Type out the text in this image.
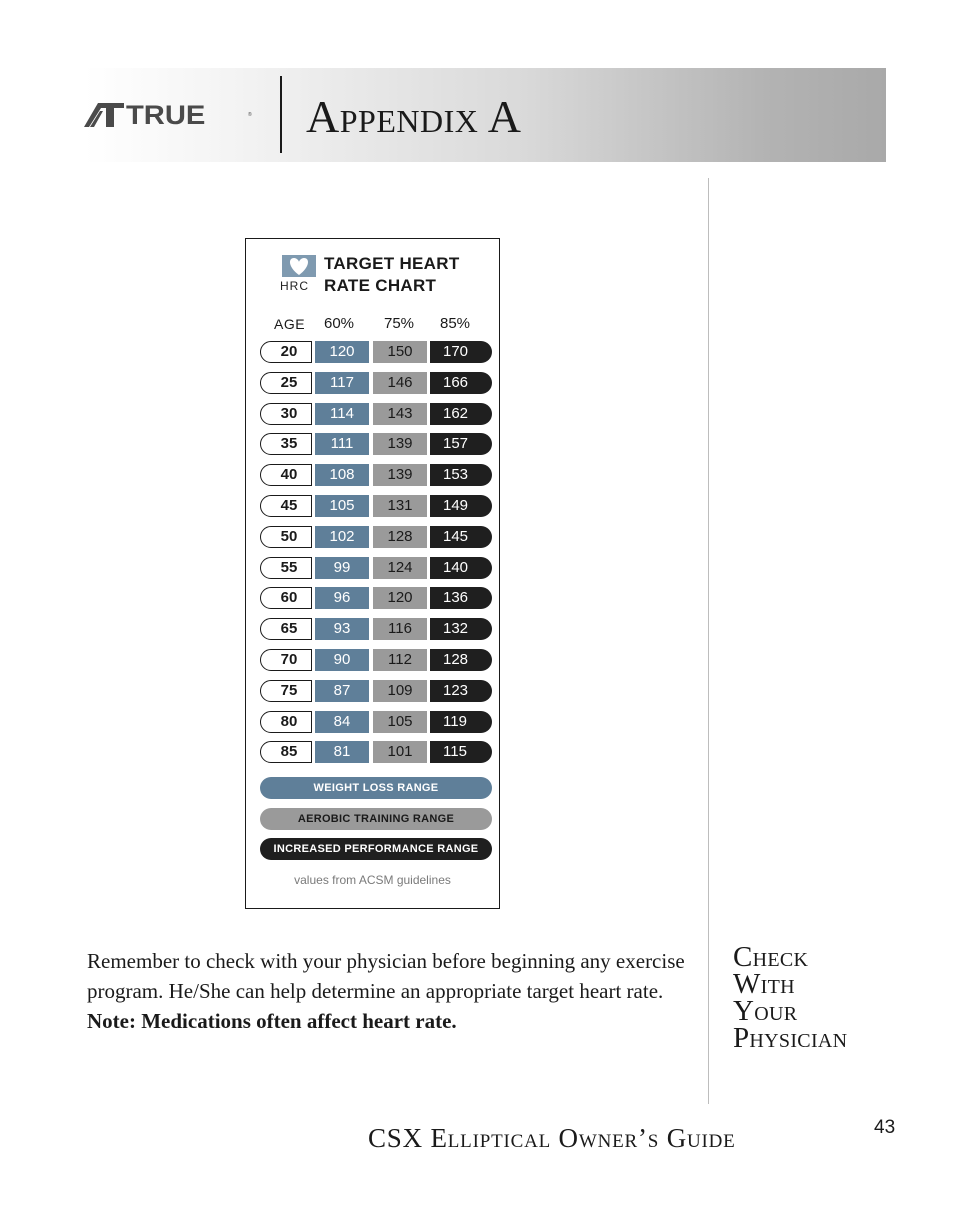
TRUE	® Appendix A
HRC
TARGET HEART
RATE CHART
AGE 60% 75% 85%
20	120	150	170
25	117	146	166
30	114	143	162
35	111	139	157
40	108	139	153
45	105	131	149
50	102	128	145
55	99	124	140
60	96	120	136
65	93	116	132
70	90	112	128
75	87	109	123
80	84	105	119
85	81	101	115
WEIGHT LOSS RANGE
AEROBIC TRAINING RANGE
INCREASED PERFORMANCE RANGE
values from ACSM guidelines
Remember to check with your physician before beginning any exercise program. He/She can help determine an appropriate target heart rate. Note: Medications often affect heart rate.
Check
With
Your
Physician
CSX Elliptical Owner’s Guide	43
